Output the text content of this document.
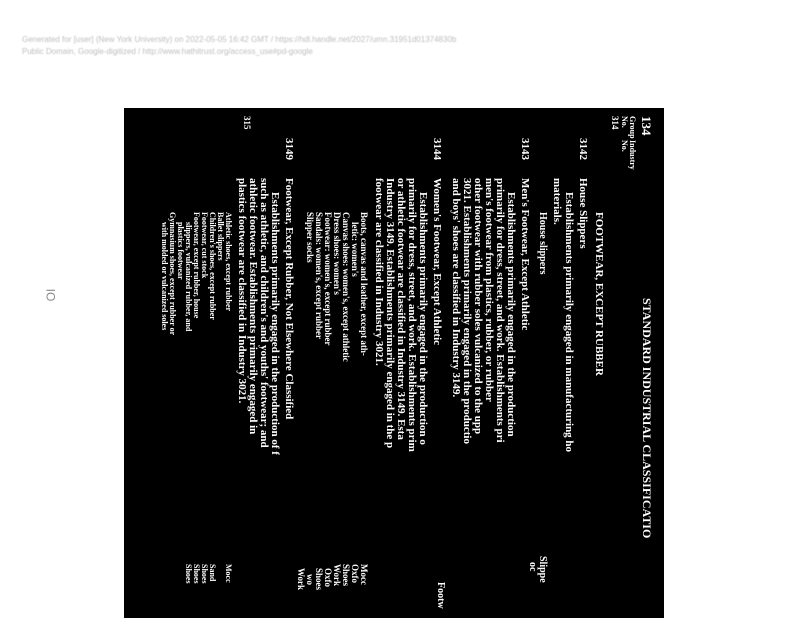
Generated for [user] (New York University) on 2022-05-05 16:42 GMT / https://hdl.handle.net/2027/umn.31951d01374830b
Public Domain, Google-digitized / http://www.hathitrust.org/access_use#pd-google
IO
134
STANDARD INDUSTRIAL CLASSIFICATIO
Group
No.
Industry
No.
314
FOOTWEAR, EXCEPT RUBBER
3142
House Slippers
Establishments primarily engaged in manufacturing ho
materials.
House slippers
Slippe
oc
3143
Men's Footwear, Except Athletic
Establishments primarily engaged in the production
primarily for dress, street, and work. Establishments pri
men's footwear from plastics, rubber, or rubber
other footwear with rubber soles vulcanized to the upp
3021. Establishments primarily engaged in the productio
and boys' shoes are classified in Industry 3149.
Footw
3144
Women's Footwear, Except Athletic
Establishments primarily engaged in the production o
primarily for dress, street, and work. Establishments prim
or athletic footwear are classified in Industry 3149. Esta
Industry 3149. Establishments primarily engaged in the p
footwear are classified in Industry 3021.
Boots, canvas and leather, except ath-
letic: women's
Canvas shoes: women's, except athletic
Dress shoes: women's
Footwear: women's, except rubber
Sandals: women's, except rubber
Slipper socks
Mocc
Oxfo
Shoes
Work
Oxfo
Shoes
wo
Work
3149
Footwear, Except Rubber, Not Elsewhere Classified
Establishments primarily engaged in the production of f
such as athletic, and children's and youths' footwear; and
athletic footwear. Establishments primarily engaged in
plastics footwear are classified in Industry 3021.
Athletic shoes, except rubber
Ballet slippers
Children's shoes, except rubber
Footwear, cut stock
Footwear, except rubber, house
slippers, vulcanized rubber, and
plastics footwear
Gymnasium shoes, except rubber or
with molded or vulcanized soles
Mocc
Sand
Shoes
Shoes
Shoes
315
